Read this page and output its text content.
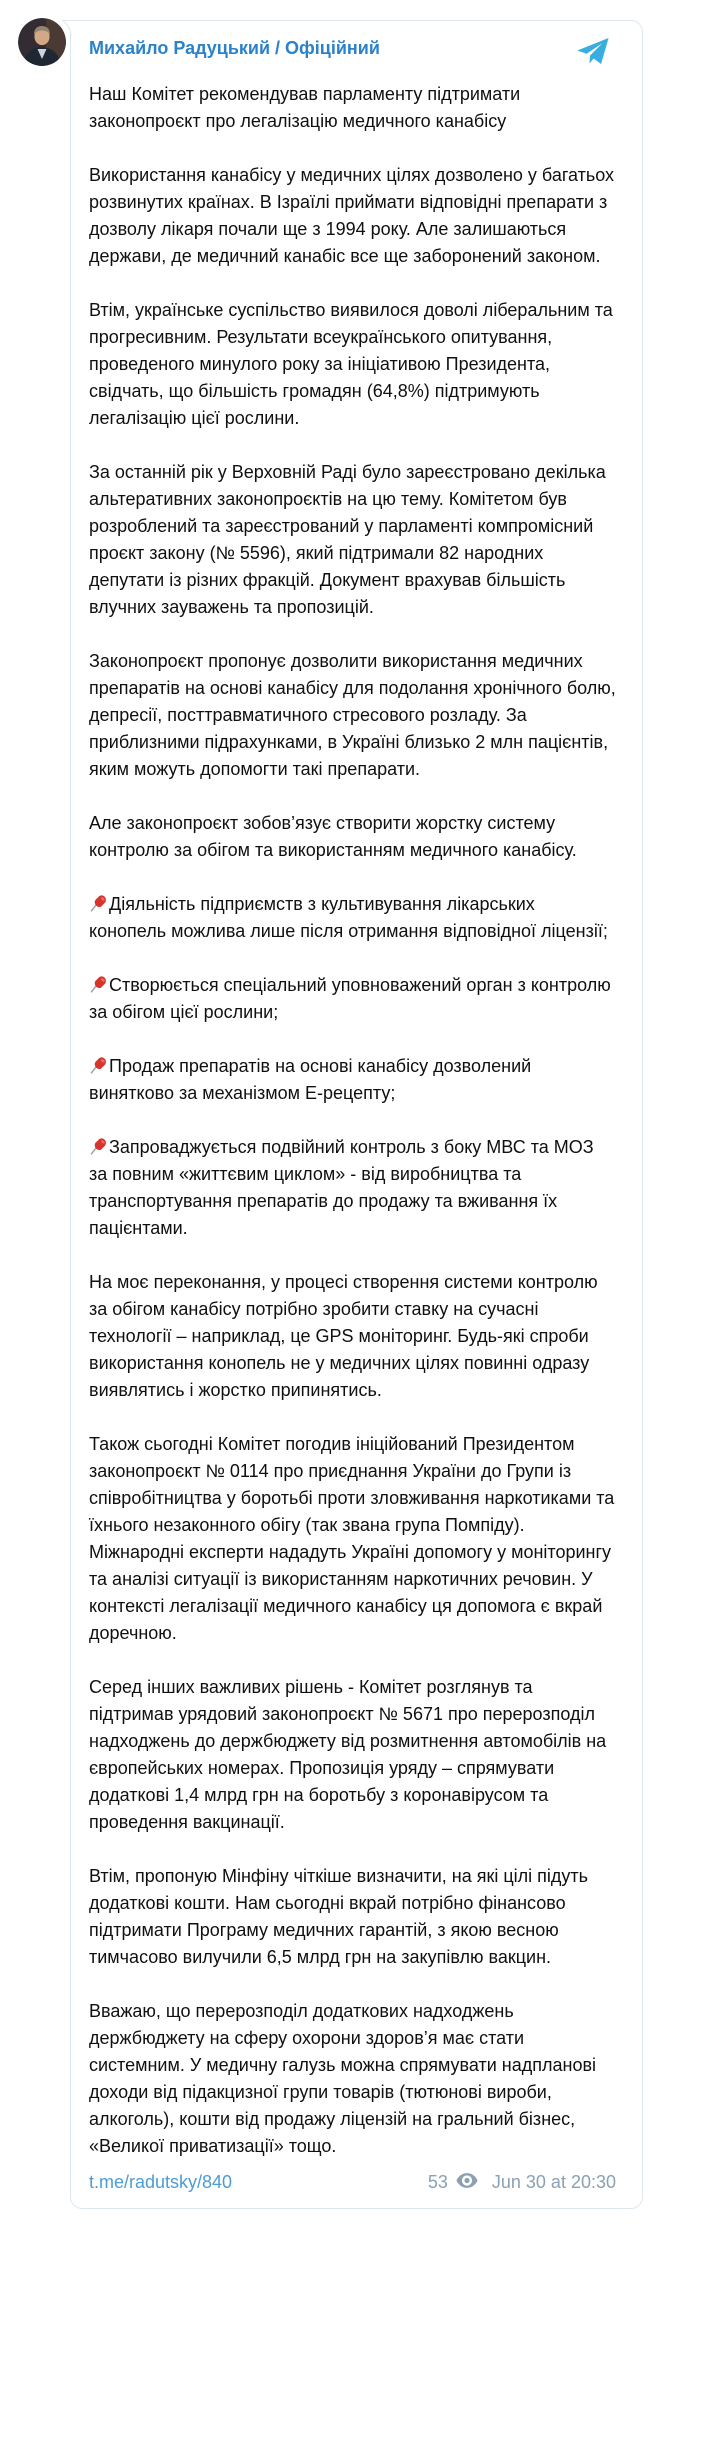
Михайло Радуцький / Офіційний

Наш Комітет рекомендував парламенту підтримати законопроєкт про легалізацію медичного канабісу

Використання канабісу у медичних цілях дозволено у багатьох розвинутих країнах. В Ізраїлі приймати відповідні препарати з дозволу лікаря почали ще з 1994 року. Але залишаються держави, де медичний канабіс все ще заборонений законом.

Втім, українське суспільство виявилося доволі ліберальним та прогресивним. Результати всеукраїнського опитування, проведеного минулого року за ініціативою Президента, свідчать, що більшість громадян (64,8%) підтримують легалізацію цієї рослини.

За останній рік у Верховній Раді було зареєстровано декілька альтеративних законопроєктів на цю тему. Комітетом був розроблений та зареєстрований у парламенті компромісний проєкт закону (№ 5596), який підтримали 82 народних депутати із різних фракцій. Документ врахував більшість влучних зауважень та пропозицій.

Законопроєкт пропонує дозволити використання медичних препаратів на основі канабісу для подолання хронічного болю, депресії, посттравматичного стресового розладу. За приблизними підрахунками, в Україні близько 2 млн пацієнтів, яким можуть допомогти такі препарати.

Але законопроєкт зобов’язує створити жорстку систему контролю за обігом та використанням медичного канабісу.

Діяльність підприємств з культивування лікарських конопель можлива лише після отримання відповідної ліцензії;

Створюється спеціальний уповноважений орган з контролю за обігом цієї рослини;

Продаж препаратів на основі канабісу дозволений винятково за механізмом Е-рецепту;

Запроваджується подвійний контроль з боку МВС та МОЗ за повним «життєвим циклом» - від виробництва та транспортування препаратів до продажу та вживання їх пацієнтами.

На моє переконання, у процесі створення системи контролю за обігом канабісу потрібно зробити ставку на сучасні технології – наприклад, це GPS моніторинг. Будь-які спроби використання конопель не у медичних цілях повинні одразу виявлятись і жорстко припинятись.

Також сьогодні Комітет погодив ініційований Президентом законопроєкт № 0114 про приєднання України до Групи із співробітництва у боротьбі проти зловживання наркотиками та їхнього незаконного обігу (так звана група Помпіду). Міжнародні експерти нададуть Україні допомогу у моніторингу та аналізі ситуації із використанням наркотичних речовин. У контексті легалізації медичного канабісу ця допомога є вкрай доречною.

Серед інших важливих рішень - Комітет розглянув та підтримав урядовий законопроєкт № 5671 про перерозподіл надходжень до держбюджету від розмитнення автомобілів на європейських номерах. Пропозиція уряду – спрямувати додаткові 1,4 млрд грн на боротьбу з коронавірусом та проведення вакцинації.

Втім, пропоную Мінфіну чіткіше визначити, на які цілі підуть додаткові кошти. Нам сьогодні вкрай потрібно фінансово підтримати Програму медичних гарантій, з якою весною тимчасово вилучили 6,5 млрд грн на закупівлю вакцин.

Вважаю, що перерозподіл додаткових надходжень держбюджету на сферу охорони здоров’я має стати системним. У медичну галузь можна спрямувати надпланові доходи від підакцизної групи товарів (тютюнові вироби, алкоголь), кошти від продажу ліцензій на гральний бізнес, «Великої приватизації» тощо.

t.me/radutsky/840	53 Jun 30 at 20:30
